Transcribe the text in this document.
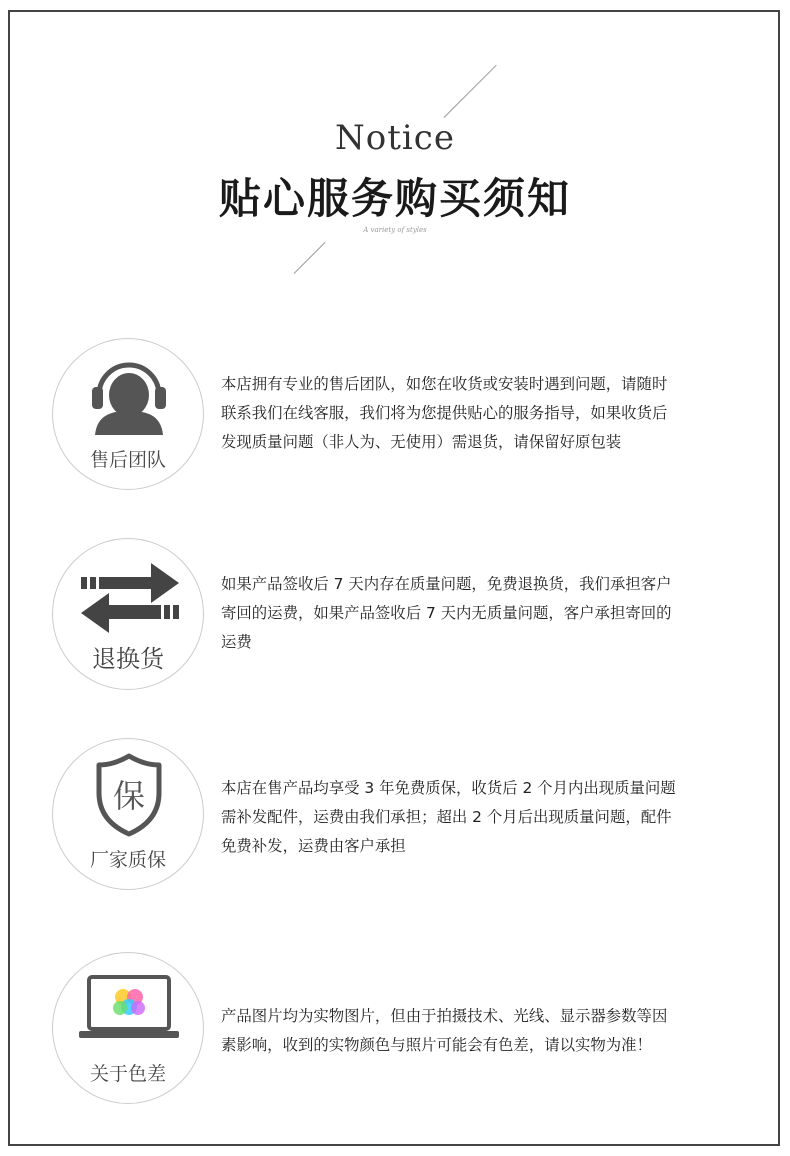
Notice
贴心服务购买须知
A variety of styles
售后团队

本店拥有专业的售后团队，如您在收货或安装时遇到问题，请随时

联系我们在线客服，我们将为您提供贴心的服务指导，如果收货后

发现质量问题（非人为、无使用）需退货，请保留好原包装

退换货

如果产品签收后 7 天内存在质量问题，免费退换货，我们承担客户

寄回的运费，如果产品签收后 7 天内无质量问题，客户承担寄回的

运费

保
厂家质保

本店在售产品均享受 3 年免费质保，收货后 2 个月内出现质量问题

需补发配件，运费由我们承担；超出 2 个月后出现质量问题，配件

免费补发，运费由客户承担

关于色差

产品图片均为实物图片，但由于拍摄技术、光线、显示器参数等因

素影响，收到的实物颜色与照片可能会有色差，请以实物为准！
